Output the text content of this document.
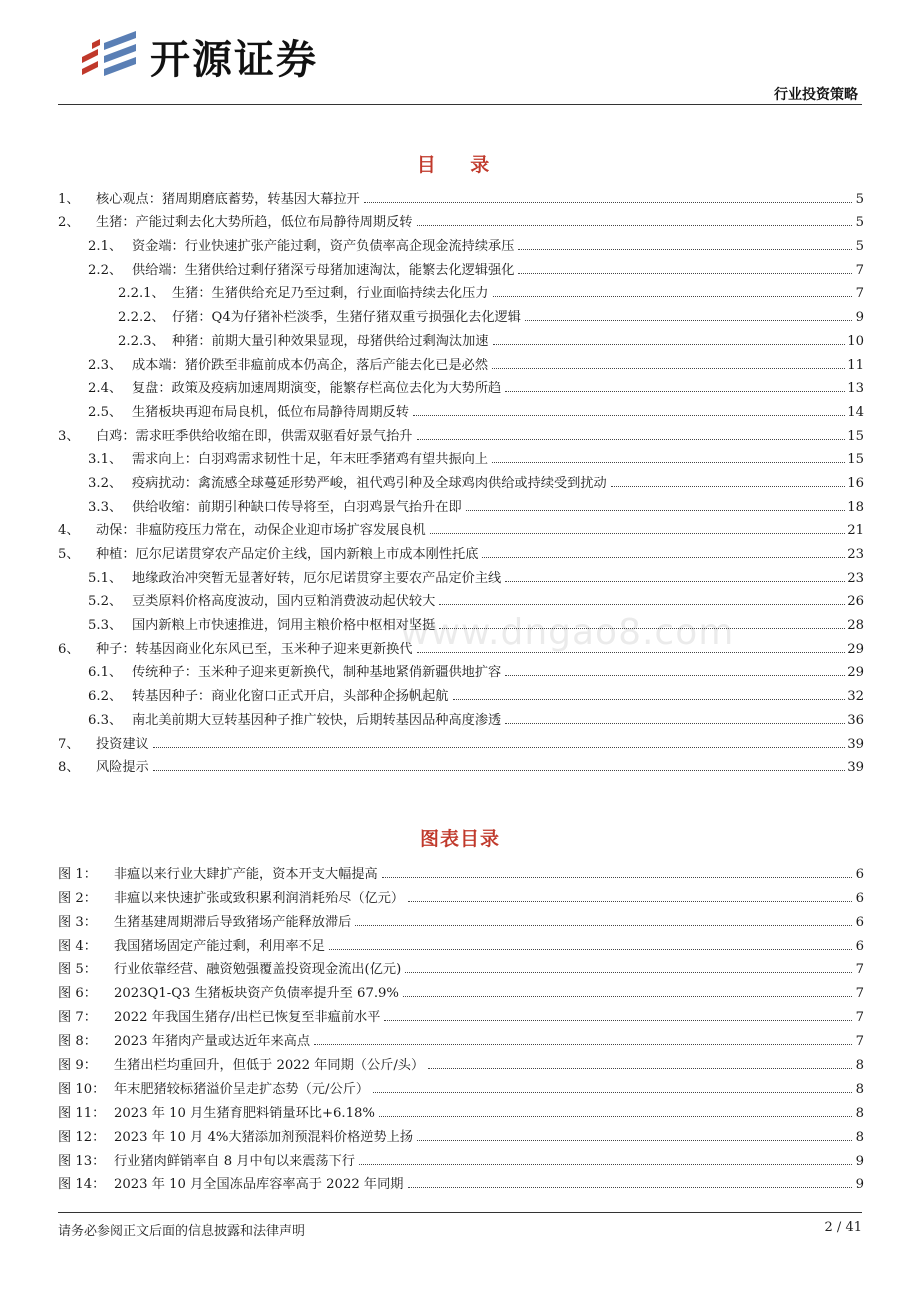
开源证券
行业投资策略
目 录
1、	核心观点：猪周期磨底蓄势，转基因大幕拉开	5
2、	生猪：产能过剩去化大势所趋，低位布局静待周期反转	5
2.1、 资金端：行业快速扩张产能过剩，资产负债率高企现金流持续承压	5
2.2、 供给端：生猪供给过剩仔猪深亏母猪加速淘汰，能繁去化逻辑强化	7
2.2.1、 生猪：生猪供给充足乃至过剩，行业面临持续去化压力	7
2.2.2、 仔猪：Q4为仔猪补栏淡季，生猪仔猪双重亏损强化去化逻辑	9
2.2.3、 种猪：前期大量引种效果显现，母猪供给过剩淘汰加速	10
2.3、 成本端：猪价跌至非瘟前成本仍高企，落后产能去化已是必然	11
2.4、 复盘：政策及疫病加速周期演变，能繁存栏高位去化为大势所趋	13
2.5、 生猪板块再迎布局良机，低位布局静待周期反转	14
3、	白鸡：需求旺季供给收缩在即，供需双驱看好景气抬升	15
3.1、 需求向上：白羽鸡需求韧性十足，年末旺季猪鸡有望共振向上	15
3.2、 疫病扰动：禽流感全球蔓延形势严峻，祖代鸡引种及全球鸡肉供给或持续受到扰动	16
3.3、 供给收缩：前期引种缺口传导将至，白羽鸡景气抬升在即	18
4、	动保：非瘟防疫压力常在，动保企业迎市场扩容发展良机	21
5、	种植：厄尔尼诺贯穿农产品定价主线，国内新粮上市成本刚性托底	23
5.1、 地缘政治冲突暂无显著好转，厄尔尼诺贯穿主要农产品定价主线	23
5.2、 豆类原料价格高度波动，国内豆粕消费波动起伏较大	26
5.3、 国内新粮上市快速推进，饲用主粮价格中枢相对坚挺	28
6、	种子：转基因商业化东风已至，玉米种子迎来更新换代	29
6.1、 传统种子：玉米种子迎来更新换代，制种基地紧俏新疆供地扩容	29
6.2、 转基因种子：商业化窗口正式开启，头部种企扬帆起航	32
6.3、 南北美前期大豆转基因种子推广较快，后期转基因品种高度渗透	36
7、	投资建议	39
8、	风险提示	39
图表目录
图 1：	非瘟以来行业大肆扩产能，资本开支大幅提高	6
图 2：	非瘟以来快速扩张或致积累利润消耗殆尽（亿元）	6
图 3：	生猪基建周期滞后导致猪场产能释放滞后	6
图 4：	我国猪场固定产能过剩，利用率不足	6
图 5：	行业依靠经营、融资勉强覆盖投资现金流出(亿元)	7
图 6：	2023Q1-Q3 生猪板块资产负债率提升至 67.9%	7
图 7：	2022 年我国生猪存/出栏已恢复至非瘟前水平	7
图 8：	2023 年猪肉产量或达近年来高点	7
图 9：	生猪出栏均重回升，但低于 2022 年同期（公斤/头）	8
图 10： 年末肥猪较标猪溢价呈走扩态势（元/公斤）	8
图 11： 2023 年 10 月生猪育肥料销量环比+6.18%	8
图 12： 2023 年 10 月 4%大猪添加剂预混料价格逆势上扬	8
图 13： 行业猪肉鲜销率自 8 月中旬以来震荡下行	9
图 14： 2023 年 10 月全国冻品库容率高于 2022 年同期	9
www.dngao8.com
请务必参阅正文后面的信息披露和法律声明	2 / 41
